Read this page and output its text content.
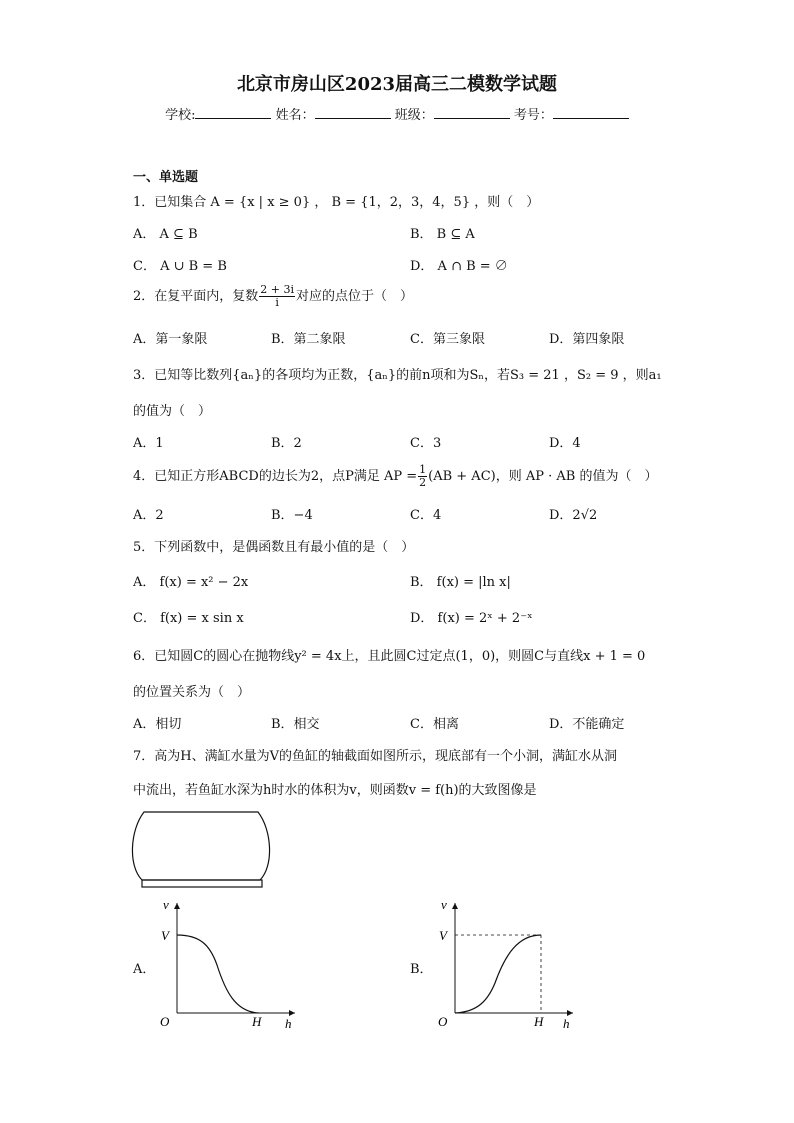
北京市房山区2023届高三二模数学试题
学校:	姓名：	班级：	考号：
一、单选题
1．已知集合 A = {x | x ≥ 0} ， B = {1，2，3，4，5} ，则（　）
A． A ⊆ B	B． B ⊆ A
C． A ∪ B = B	D． A ∩ B = ∅
2．在复平面内，复数 $\frac{2 + 3i}{i}$ 对应的点位于（　）
A．第一象限	B．第二象限	C．第三象限	D．第四象限
3．已知等比数列{aₙ}的各项均为正数，{aₙ}的前n项和为Sₙ，若S₃ = 21 ，S₂ = 9 ，则a₁
的值为（　）
A．1	B．2	C．3	D．4
4．已知正方形ABCD的边长为2，点P满足 AP = $\frac{1}{2} (AB + AC)$，则 AP · AB 的值为（　）
A．2	B．−4	C．4	D．2√2
5．下列函数中，是偶函数且有最小值的是（　）
A． f(x) = x² − 2x	B． f(x) = |ln x|
C． f(x) = x sin x	D． f(x) = 2ˣ + 2⁻ˣ
6．已知圆C的圆心在抛物线y² = 4x上，且此圆C过定点(1，0)，则圆C与直线x + 1 = 0
的位置关系为（　）
A．相切	B．相交	C．相离	D．不能确定
7．高为H、满缸水量为V的鱼缸的轴截面如图所示，现底部有一个小洞，满缸水从洞
中流出，若鱼缸水深为h时水的体积为v，则函数v = f(h)的大致图像是
A．
v
V
O	H h
B．
v
V
O	H h
